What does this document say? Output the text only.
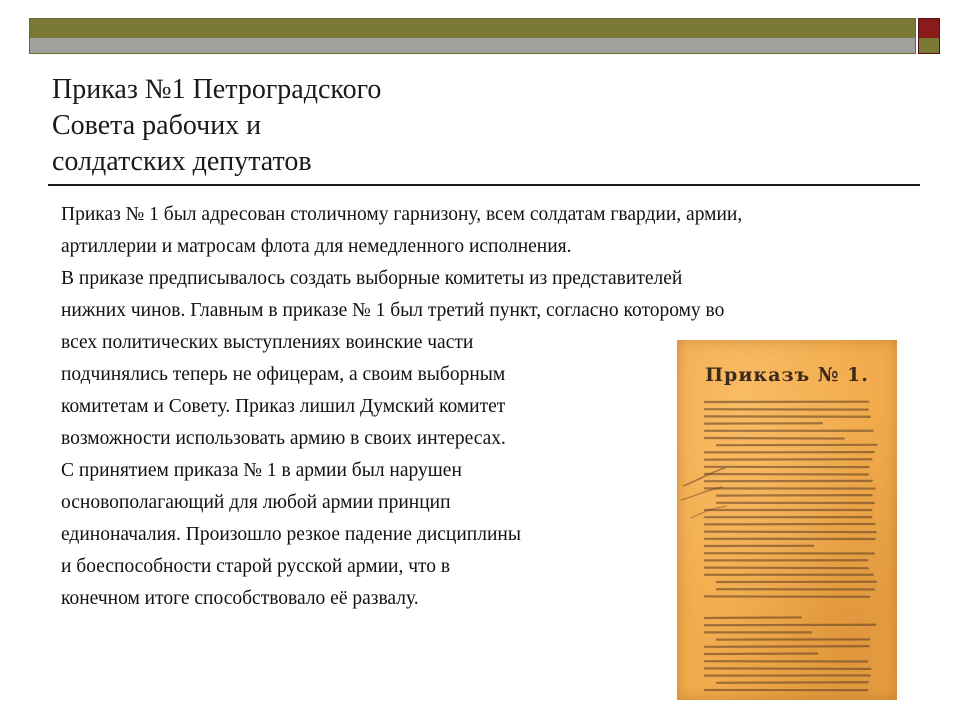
Приказ №1 Петроградского
Совета рабочих и
солдатских депутатов
Приказ № 1 был адресован столичному гарнизону, всем солдатам гвардии, армии,
артиллерии и матросам флота для немедленного исполнения.
В приказе предписывалось создать выборные комитеты из представителей
нижних чинов. Главным в приказе № 1 был третий пункт, согласно которому во
всех политических выступлениях воинские части
подчинялись теперь не офицерам, а своим выборным
комитетам и Совету. Приказ лишил Думский комитет
возможности использовать армию в своих интересах.
С принятием приказа № 1 в армии был нарушен
основополагающий для любой армии принцип
единоначалия. Произошло резкое падение дисциплины
и боеспособности старой русской армии, что в
конечном итоге способствовало её развалу.
Приказъ № 1.
